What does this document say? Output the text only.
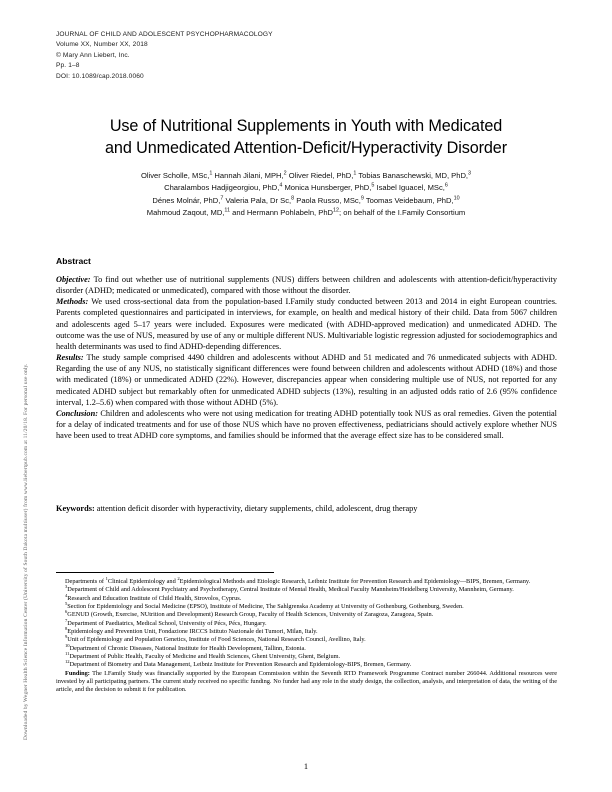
Downloaded by Wegner Health Science Information Center (University of South Dakota multiuser) from www.liebertpub.com at 11/20/18. For personal use only.
JOURNAL OF CHILD AND ADOLESCENT PSYCHOPHARMACOLOGY
Volume XX, Number XX, 2018
© Mary Ann Liebert, Inc.
Pp. 1–8
DOI: 10.1089/cap.2018.0060
Use of Nutritional Supplements in Youth with Medicated
and Unmedicated Attention-Deficit/Hyperactivity Disorder
Oliver Scholle, MSc,$^1$ Hannah Jilani, MPH,$^2$ Oliver Riedel, PhD,$^1$ Tobias Banaschewski, MD, PhD,$^3$
Charalambos Hadjigeorgiou, PhD,$^4$ Monica Hunsberger, PhD,$^5$ Isabel Iguacel, MSc,$^6$
Dénes Molnár, PhD,$^7$ Valeria Pala, Dr Sc,$^8$ Paola Russo, MSc,$^9$ Toomas Veidebaum, PhD,$^{10}$
Mahmoud Zaqout, MD,$^{11}$ and Hermann Pohlabeln, PhD$^{12}$; on behalf of the I.Family Consortium
Abstract

Objective: To find out whether use of nutritional supplements (NUS) differs between children and adolescents with attention-deficit/hyperactivity disorder (ADHD; medicated or unmedicated), compared with those without the disorder.

Methods: We used cross-sectional data from the population-based I.Family study conducted between 2013 and 2014 in eight European countries. Parents completed questionnaires and participated in interviews, for example, on health and medical history of their child. Data from 5067 children and adolescents aged 5–17 years were included. Exposures were medicated (with ADHD-approved medication) and unmedicated ADHD. The outcome was the use of NUS, measured by use of any or multiple different NUS. Multivariable logistic regression adjusted for sociodemographics and health determinants was used to find ADHD-depending differences.

Results: The study sample comprised 4490 children and adolescents without ADHD and 51 medicated and 76 unmedicated subjects with ADHD. Regarding the use of any NUS, no statistically significant differences were found between children and adolescents without ADHD (18%) and those with medicated (18%) or unmedicated ADHD (22%). However, discrepancies appear when considering multiple use of NUS, not reported for any medicated ADHD subject but remarkably often for unmedicated ADHD subjects (13%), resulting in an adjusted odds ratio of 2.6 (95% confidence interval, 1.2–5.6) when compared with those without ADHD (5%).

Conclusion: Children and adolescents who were not using medication for treating ADHD potentially took NUS as oral remedies. Given the potential for a delay of indicated treatments and for use of those NUS which have no proven effectiveness, pediatricians should actively explore whether NUS have been used to treat ADHD core symptoms, and families should be informed that the average effect size has to be considered small.

Keywords: attention deficit disorder with hyperactivity, dietary supplements, child, adolescent, drug therapy

Departments of $^1$Clinical Epidemiology and $^2$Epidemiological Methods and Etiologic Research, Leibniz Institute for Prevention Research and Epidemiology—BIPS, Bremen, Germany.

$^3$Department of Child and Adolescent Psychiatry and Psychotherapy, Central Institute of Mental Health, Medical Faculty Mannheim/Heidelberg University, Mannheim, Germany.

$^4$Research and Education Institute of Child Health, Strovolos, Cyprus.

$^5$Section for Epidemiology and Social Medicine (EPSO), Institute of Medicine, The Sahlgrenska Academy at University of Gothenburg, Gothenburg, Sweden.

$^6$GENUD (Growth, Exercise, NUtrition and Development) Research Group, Faculty of Health Sciences, University of Zaragoza, Zaragoza, Spain.

$^7$Department of Paediatrics, Medical School, University of Pécs, Pécs, Hungary.

$^8$Epidemiology and Prevention Unit, Fondazione IRCCS Istituto Nazionale dei Tumori, Milan, Italy.

$^9$Unit of Epidemiology and Population Genetics, Institute of Food Sciences, National Research Council, Avellino, Italy.

$^{10}$Department of Chronic Diseases, National Institute for Health Development, Tallinn, Estonia.

$^{11}$Department of Public Health, Faculty of Medicine and Health Sciences, Ghent University, Ghent, Belgium.

$^{12}$Department of Biometry and Data Management, Leibniz Institute for Prevention Research and Epidemiology-BIPS, Bremen, Germany.

Funding: The I.Family Study was financially supported by the European Commission within the Seventh RTD Framework Programme Contract number 266044. Additional resources were invested by all participating partners. The current study received no specific funding. No funder had any role in the study design, the collection, analysis, and interpretation of data, the writing of the article, and the decision to submit it for publication.

1
